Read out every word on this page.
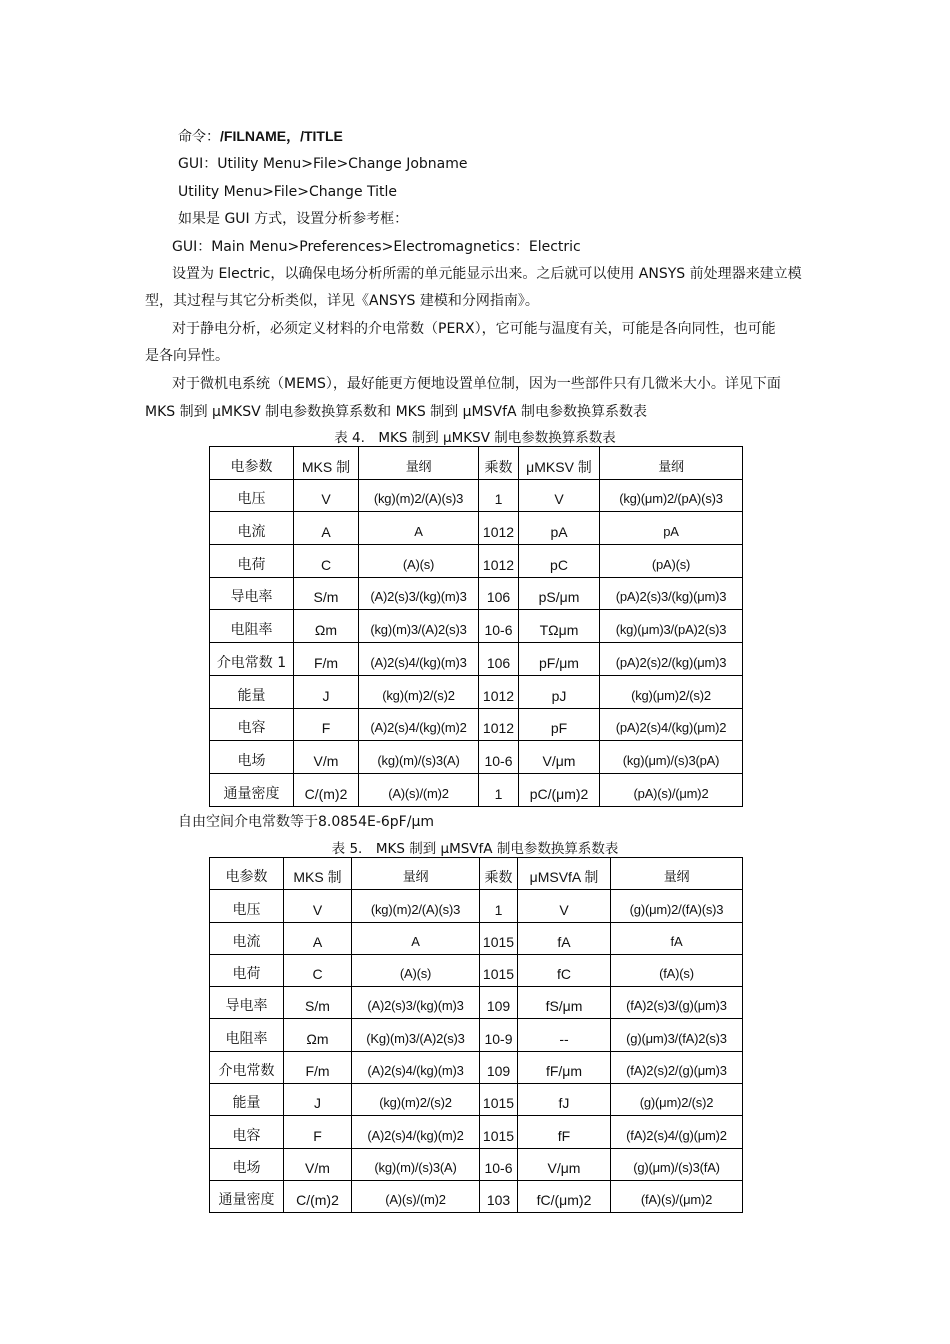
命令：/FILNAME，/TITLE
GUI：Utility Menu>File>Change Jobname
Utility Menu>File>Change Title
如果是 GUI 方式，设置分析参考框：
GUI：Main Menu>Preferences>Electromagnetics：Electric
设置为 Electric，以确保电场分析所需的单元能显示出来。之后就可以使用 ANSYS 前处理器来建立模
型，其过程与其它分析类似，详见《ANSYS 建模和分网指南》。
对于静电分析，必须定义材料的介电常数（PERX），它可能与温度有关，可能是各向同性，也可能
是各向异性。
对于微机电系统（MEMS），最好能更方便地设置单位制，因为一些部件只有几微米大小。详见下面
MKS 制到 μMKSV 制电参数换算系数和 MKS 制到 μMSVfA 制电参数换算系数表
表 4.　MKS 制到 μMKSV 制电参数换算系数表
电参数	MKS 制	量纲	乘数	μMKSV 制	量纲
电压	V	(kg)(m)2/(A)(s)3	1	V	(kg)(μm)2/(pA)(s)3
电流	A	A	1012	pA	pA
电荷	C	(A)(s)	1012	pC	(pA)(s)
导电率	S/m	(A)2(s)3/(kg)(m)3	106	pS/μm	(pA)2(s)3/(kg)(μm)3
电阻率	Ωm	(kg)(m)3/(A)2(s)3	10-6	TΩμm	(kg)(μm)3/(pA)2(s)3
介电常数 1	F/m	(A)2(s)4/(kg)(m)3	106	pF/μm	(pA)2(s)2/(kg)(μm)3
能量	J	(kg)(m)2/(s)2	1012	pJ	(kg)(μm)2/(s)2
电容	F	(A)2(s)4/(kg)(m)2	1012	pF	(pA)2(s)4/(kg)(μm)2
电场	V/m	(kg)(m)/(s)3(A)	10-6	V/μm	(kg)(μm)/(s)3(pA)
通量密度	C/(m)2	(A)(s)/(m)2	1	pC/(μm)2	(pA)(s)/(μm)2
自由空间介电常数等于8.0854E-6pF/μm
表 5.　MKS 制到 μMSVfA 制电参数换算系数表
电参数	MKS 制	量纲	乘数	μMSVfA 制	量纲
电压	V	(kg)(m)2/(A)(s)3	1	V	(g)(μm)2/(fA)(s)3
电流	A	A	1015	fA	fA
电荷	C	(A)(s)	1015	fC	(fA)(s)
导电率	S/m	(A)2(s)3/(kg)(m)3	109	fS/μm	(fA)2(s)3/(g)(μm)3
电阻率	Ωm	(Kg)(m)3/(A)2(s)3	10-9	--	(g)(μm)3/(fA)2(s)3
介电常数	F/m	(A)2(s)4/(kg)(m)3	109	fF/μm	(fA)2(s)2/(g)(μm)3
能量	J	(kg)(m)2/(s)2	1015	fJ	(g)(μm)2/(s)2
电容	F	(A)2(s)4/(kg)(m)2	1015	fF	(fA)2(s)4/(g)(μm)2
电场	V/m	(kg)(m)/(s)3(A)	10-6	V/μm	(g)(μm)/(s)3(fA)
通量密度	C/(m)2	(A)(s)/(m)2	103	fC/(μm)2	(fA)(s)/(μm)2
